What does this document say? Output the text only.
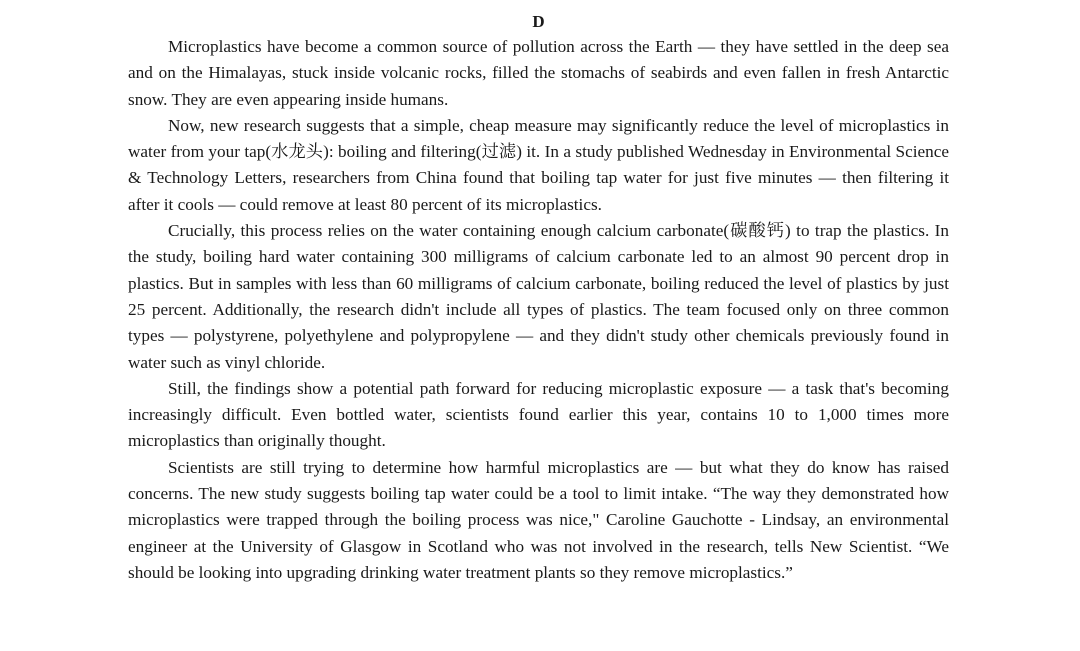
D

Microplastics have become a common source of pollution across the Earth — they have settled in the deep sea and on the Himalayas, stuck inside volcanic rocks, filled the stomachs of seabirds and even fallen in fresh Antarctic snow. They are even appearing inside humans.

Now, new research suggests that a simple, cheap measure may significantly reduce the level of microplastics in water from your tap(水龙头): boiling and filtering(过滤) it. In a study published Wednesday in Environmental Science & Technology Letters, researchers from China found that boiling tap water for just five minutes — then filtering it after it cools — could remove at least 80 percent of its microplastics.

Crucially, this process relies on the water containing enough calcium carbonate(碳酸钙) to trap the plastics. In the study, boiling hard water containing 300 milligrams of calcium carbonate led to an almost 90 percent drop in plastics. But in samples with less than 60 milligrams of calcium carbonate, boiling reduced the level of plastics by just 25 percent. Additionally, the research didn't include all types of plastics. The team focused only on three common types — polystyrene, polyethylene and polypropylene — and they didn't study other chemicals previously found in water such as vinyl chloride.

Still, the findings show a potential path forward for reducing microplastic exposure — a task that's becoming increasingly difficult. Even bottled water, scientists found earlier this year, contains 10 to 1,000 times more microplastics than originally thought.

Scientists are still trying to determine how harmful microplastics are — but what they do know has raised concerns. The new study suggests boiling tap water could be a tool to limit intake. “The way they demonstrated how microplastics were trapped through the boiling process was nice," Caroline Gauchotte - Lindsay, an environmental engineer at the University of Glasgow in Scotland who was not involved in the research, tells New Scientist. “We should be looking into upgrading drinking water treatment plants so they remove microplastics.”
